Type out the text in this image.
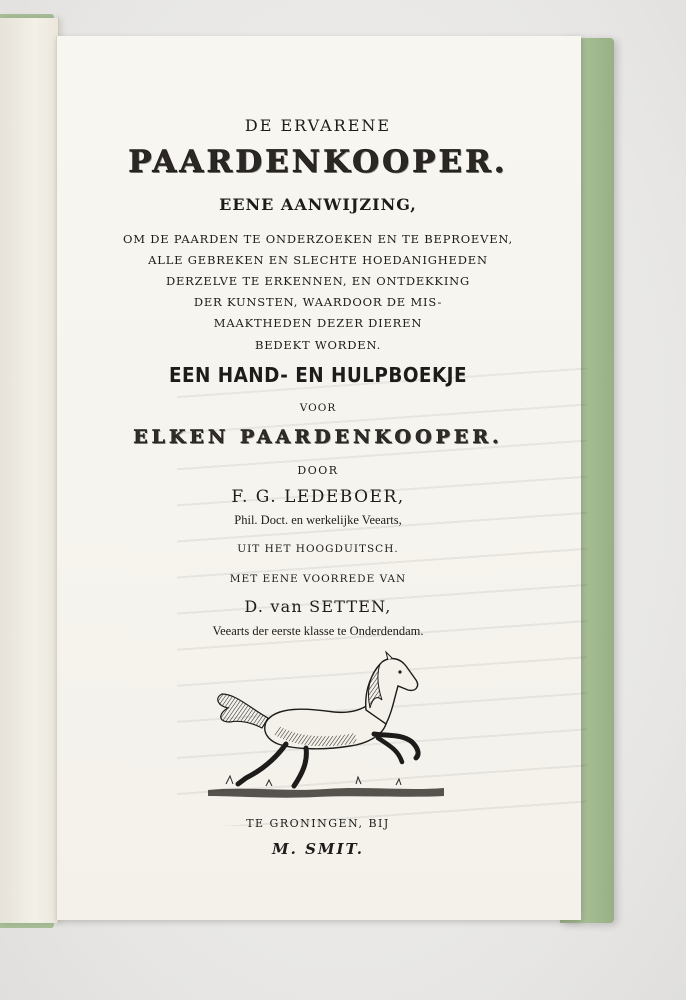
DE ERVARENE
PAARDENKOOPER.
EENE AANWIJZING,
OM DE PAARDEN TE ONDERZOEKEN EN TE BEPROEVEN,
ALLE GEBREKEN EN SLECHTE HOEDANIGHEDEN
DERZELVE TE ERKENNEN, EN ONTDEKKING
DER KUNSTEN, WAARDOOR DE MIS-
MAAKTHEDEN DEZER DIEREN
BEDEKT WORDEN.
EEN HAND- EN HULPBOEKJE
VOOR
ELKEN PAARDENKOOPER.
DOOR
F. G. LEDEBOER,
Phil. Doct. en werkelijke Veearts,
UIT HET HOOGDUITSCH.
MET EENE VOORREDE VAN
D. van SETTEN,
Veearts der eerste klasse te Onderdendam.
TE GRONINGEN, BIJ
M. SMIT.
